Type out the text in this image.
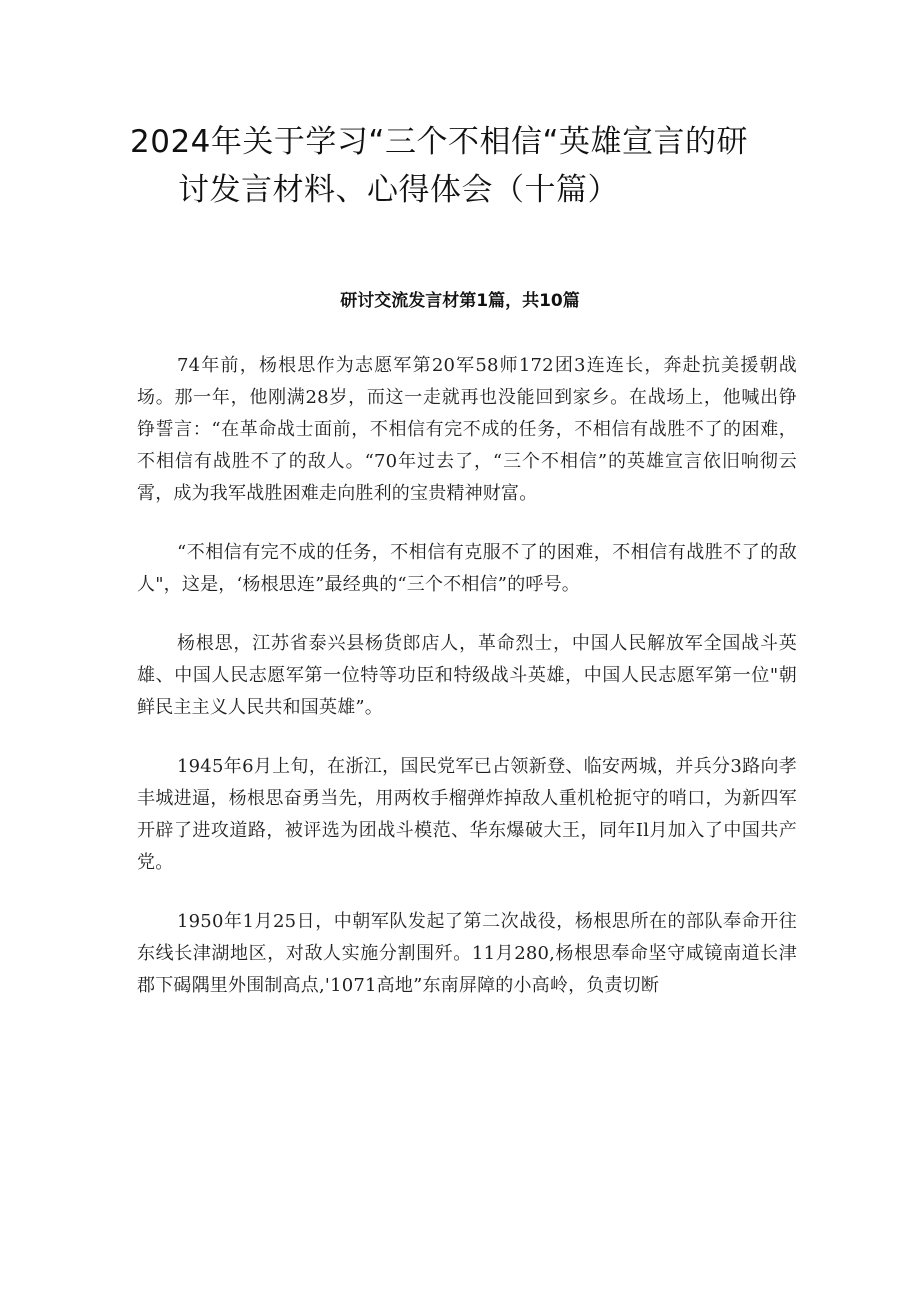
2024年关于学习“三个不相信“英雄宣言的研
讨发言材料、心得体会（十篇）
研讨交流发言材第1篇，共10篇

74年前，杨根思作为志愿军第20军58师172团3连连长，奔赴抗美援朝战场。那一年，他刚满28岁，而这一走就再也没能回到家乡。在战场上，他喊出铮铮誓言：“在革命战士面前，不相信有完不成的任务，不相信有战胜不了的困难，不相信有战胜不了的敌人。“70年过去了，“三个不相信”的英雄宣言依旧响彻云霄，成为我军战胜困难走向胜利的宝贵精神财富。

“不相信有完不成的任务，不相信有克服不了的困难，不相信有战胜不了的敌人"，这是，‘杨根思连”最经典的“三个不相信”的呼号。

杨根思，江苏省泰兴县杨货郎店人，革命烈士，中国人民解放军全国战斗英雄、中国人民志愿军第一位特等功臣和特级战斗英雄，中国人民志愿军第一位"朝鲜民主主义人民共和国英雄”。

1945年6月上旬，在浙江，国民党军已占领新登、临安两城，并兵分3路向孝丰城进逼，杨根思奋勇当先，用两枚手榴弹炸掉敌人重机枪扼守的哨口，为新四军开辟了进攻道路，被评选为团战斗模范、华东爆破大王，同年Il月加入了中国共产党。

1950年1月25日，中朝军队发起了第二次战役，杨根思所在的部队奉命开往东线长津湖地区，对敌人实施分割围歼。11月280,杨根思奉命坚守咸镜南道长津郡下碣隅里外围制高点,'1071高地”东南屏障的小高岭，负责切断
